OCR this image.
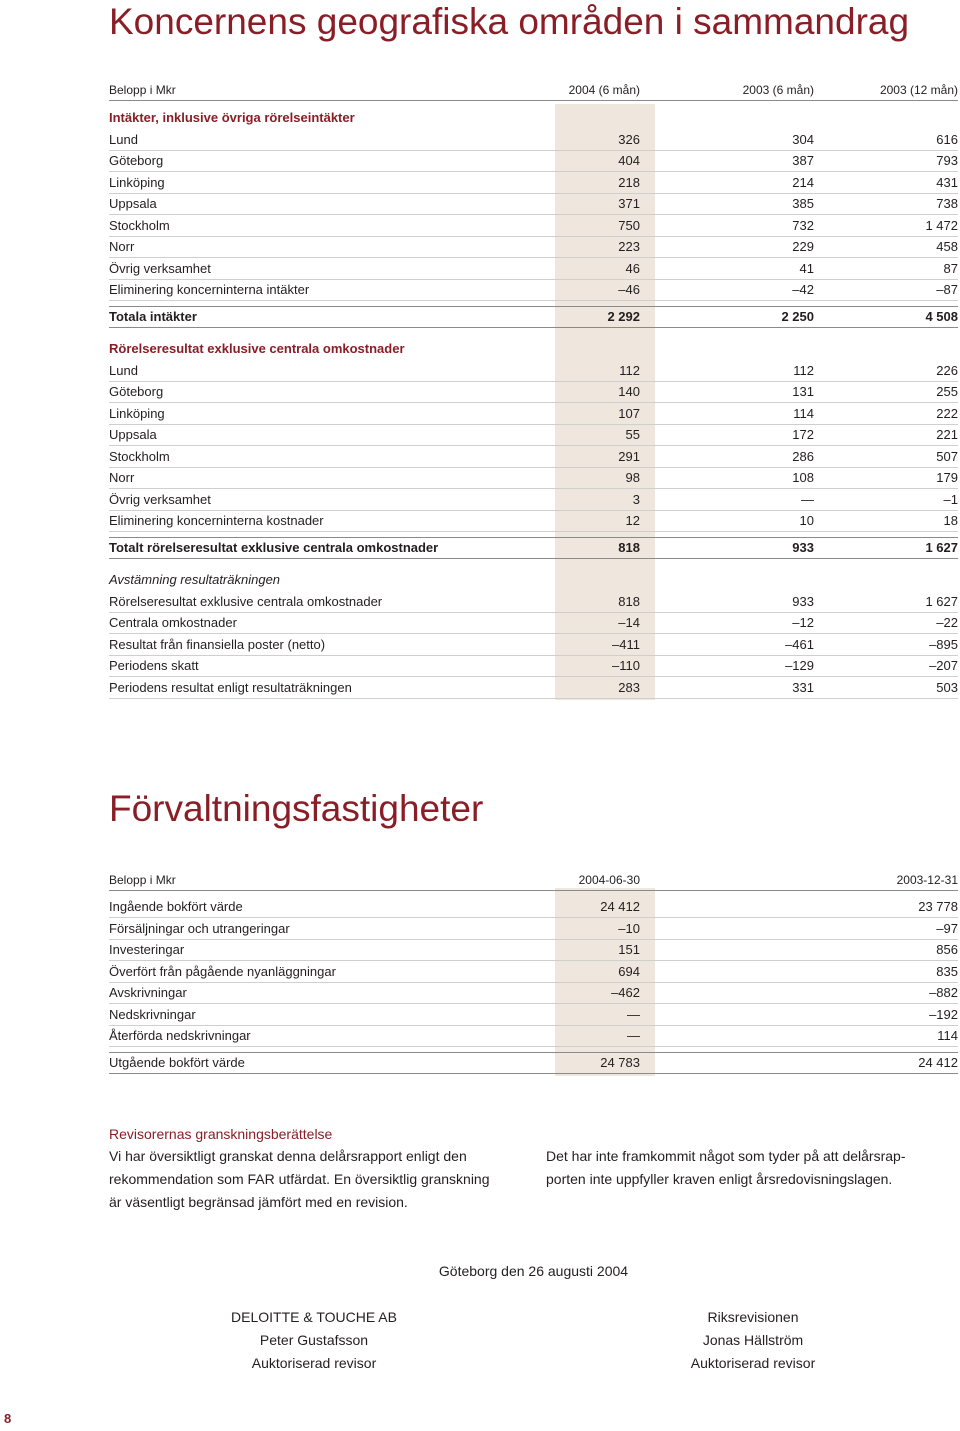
Koncernens geografiska områden i sammandrag
Belopp i Mkr	2004 (6 mån)	2003 (6 mån)	2003 (12 mån)
Intäkter, inklusive övriga rörelseintäkter
Lund	326	304	616
Göteborg	404	387	793
Linköping	218	214	431
Uppsala	371	385	738
Stockholm	750	732	1 472
Norr	223	229	458
Övrig verksamhet	46	41	87
Eliminering koncerninterna intäkter	–46	–42	–87
Totala intäkter	2 292	2 250	4 508
Rörelseresultat exklusive centrala omkostnader
Lund	112	112	226
Göteborg	140	131	255
Linköping	107	114	222
Uppsala	55	172	221
Stockholm	291	286	507
Norr	98	108	179
Övrig verksamhet	3	—	–1
Eliminering koncerninterna kostnader	12	10	18
Totalt rörelseresultat exklusive centrala omkostnader	818	933	1 627
Avstämning resultaträkningen
Rörelseresultat exklusive centrala omkostnader	818	933	1 627
Centrala omkostnader	–14	–12	–22
Resultat från finansiella poster (netto)	–411	–461	–895
Periodens skatt	–110	–129	–207
Periodens resultat enligt resultaträkningen	283	331	503
Förvaltningsfastigheter
Belopp i Mkr	2004-06-30	2003-12-31
Ingående bokfört värde	24 412	23 778
Försäljningar och utrangeringar	–10	–97
Investeringar	151	856
Överfört från pågående nyanläggningar	694	835
Avskrivningar	–462	–882
Nedskrivningar	—	–192
Återförda nedskrivningar	—	114
Utgående bokfört värde	24 783	24 412
Revisorernas granskningsberättelse
Vi har översiktligt granskat denna delårsrapport enligt den
rekommendation som FAR utfärdat. En översiktlig granskning
är väsentligt begränsad jämfört med en revision.
Det har inte framkommit något som tyder på att delårsrap-
porten inte uppfyller kraven enligt årsredovisningslagen.
Göteborg den 26 augusti 2004
DELOITTE & TOUCHE AB
Peter Gustafsson
Auktoriserad revisor
Riksrevisionen
Jonas Hällström
Auktoriserad revisor
8
